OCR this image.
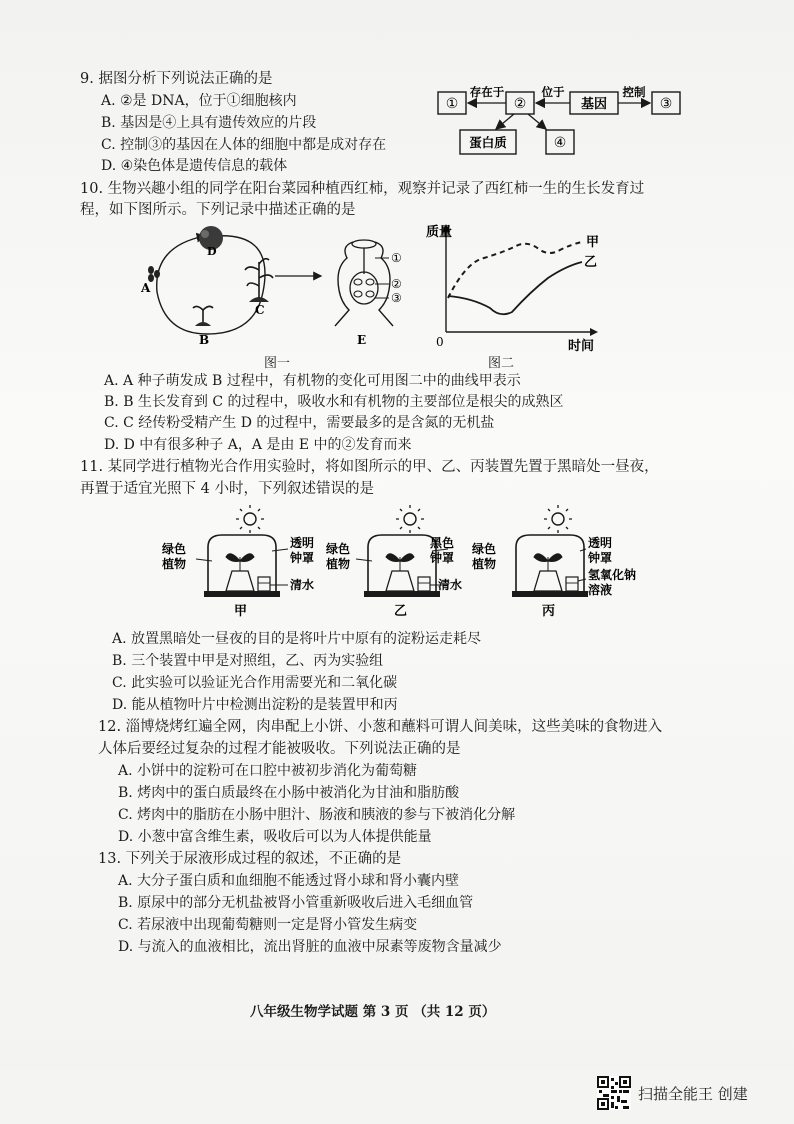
9. 据图分析下列说法正确的是
A. ②是 DNA，位于①细胞核内
B. 基因是④上具有遗传效应的片段
C. 控制③的基因在人体的细胞中都是成对存在
D. ④染色体是遗传信息的载体
①	②	基因	③
蛋白质	④
存在于	位于	控制
10. 生物兴趣小组的同学在阳台菜园种植西红柿，观察并记录了西红柿一生的生长发育过
程，如下图所示。下列记录中描述正确的是
D
A
B
C
①
②
③
E
图一
质量
时间
0
甲
乙
图二
A. A 种子萌发成 B 过程中，有机物的变化可用图二中的曲线甲表示
B. B 生长发育到 C 的过程中，吸收水和有机物的主要部位是根尖的成熟区
C. C 经传粉受精产生 D 的过程中，需要最多的是含氮的无机盐
D. D 中有很多种子 A，A 是由 E 中的②发育而来
11. 某同学进行植物光合作用实验时，将如图所示的甲、乙、丙装置先置于黑暗处一昼夜，
再置于适宜光照下 4 小时，下列叙述错误的是
绿色
植物
透明
钟罩
清水
甲
绿色
植物
黑色
钟罩
清水
乙
绿色
植物
透明
钟罩
氢氧化钠
溶液
丙
A. 放置黑暗处一昼夜的目的是将叶片中原有的淀粉运走耗尽
B. 三个装置中甲是对照组，乙、丙为实验组
C. 此实验可以验证光合作用需要光和二氧化碳
D. 能从植物叶片中检测出淀粉的是装置甲和丙
12. 淄博烧烤红遍全网，肉串配上小饼、小葱和蘸料可谓人间美味，这些美味的食物进入
人体后要经过复杂的过程才能被吸收。下列说法正确的是
A. 小饼中的淀粉可在口腔中被初步消化为葡萄糖
B. 烤肉中的蛋白质最终在小肠中被消化为甘油和脂肪酸
C. 烤肉中的脂肪在小肠中胆汁、肠液和胰液的参与下被消化分解
D. 小葱中富含维生素，吸收后可以为人体提供能量
13. 下列关于尿液形成过程的叙述，不正确的是
A. 大分子蛋白质和血细胞不能透过肾小球和肾小囊内壁
B. 原尿中的部分无机盐被肾小管重新吸收后进入毛细血管
C. 若尿液中出现葡萄糖则一定是肾小管发生病变
D. 与流入的血液相比，流出肾脏的血液中尿素等废物含量减少
八年级生物学试题 第 3 页 （共 12 页）
扫描全能王 创建
